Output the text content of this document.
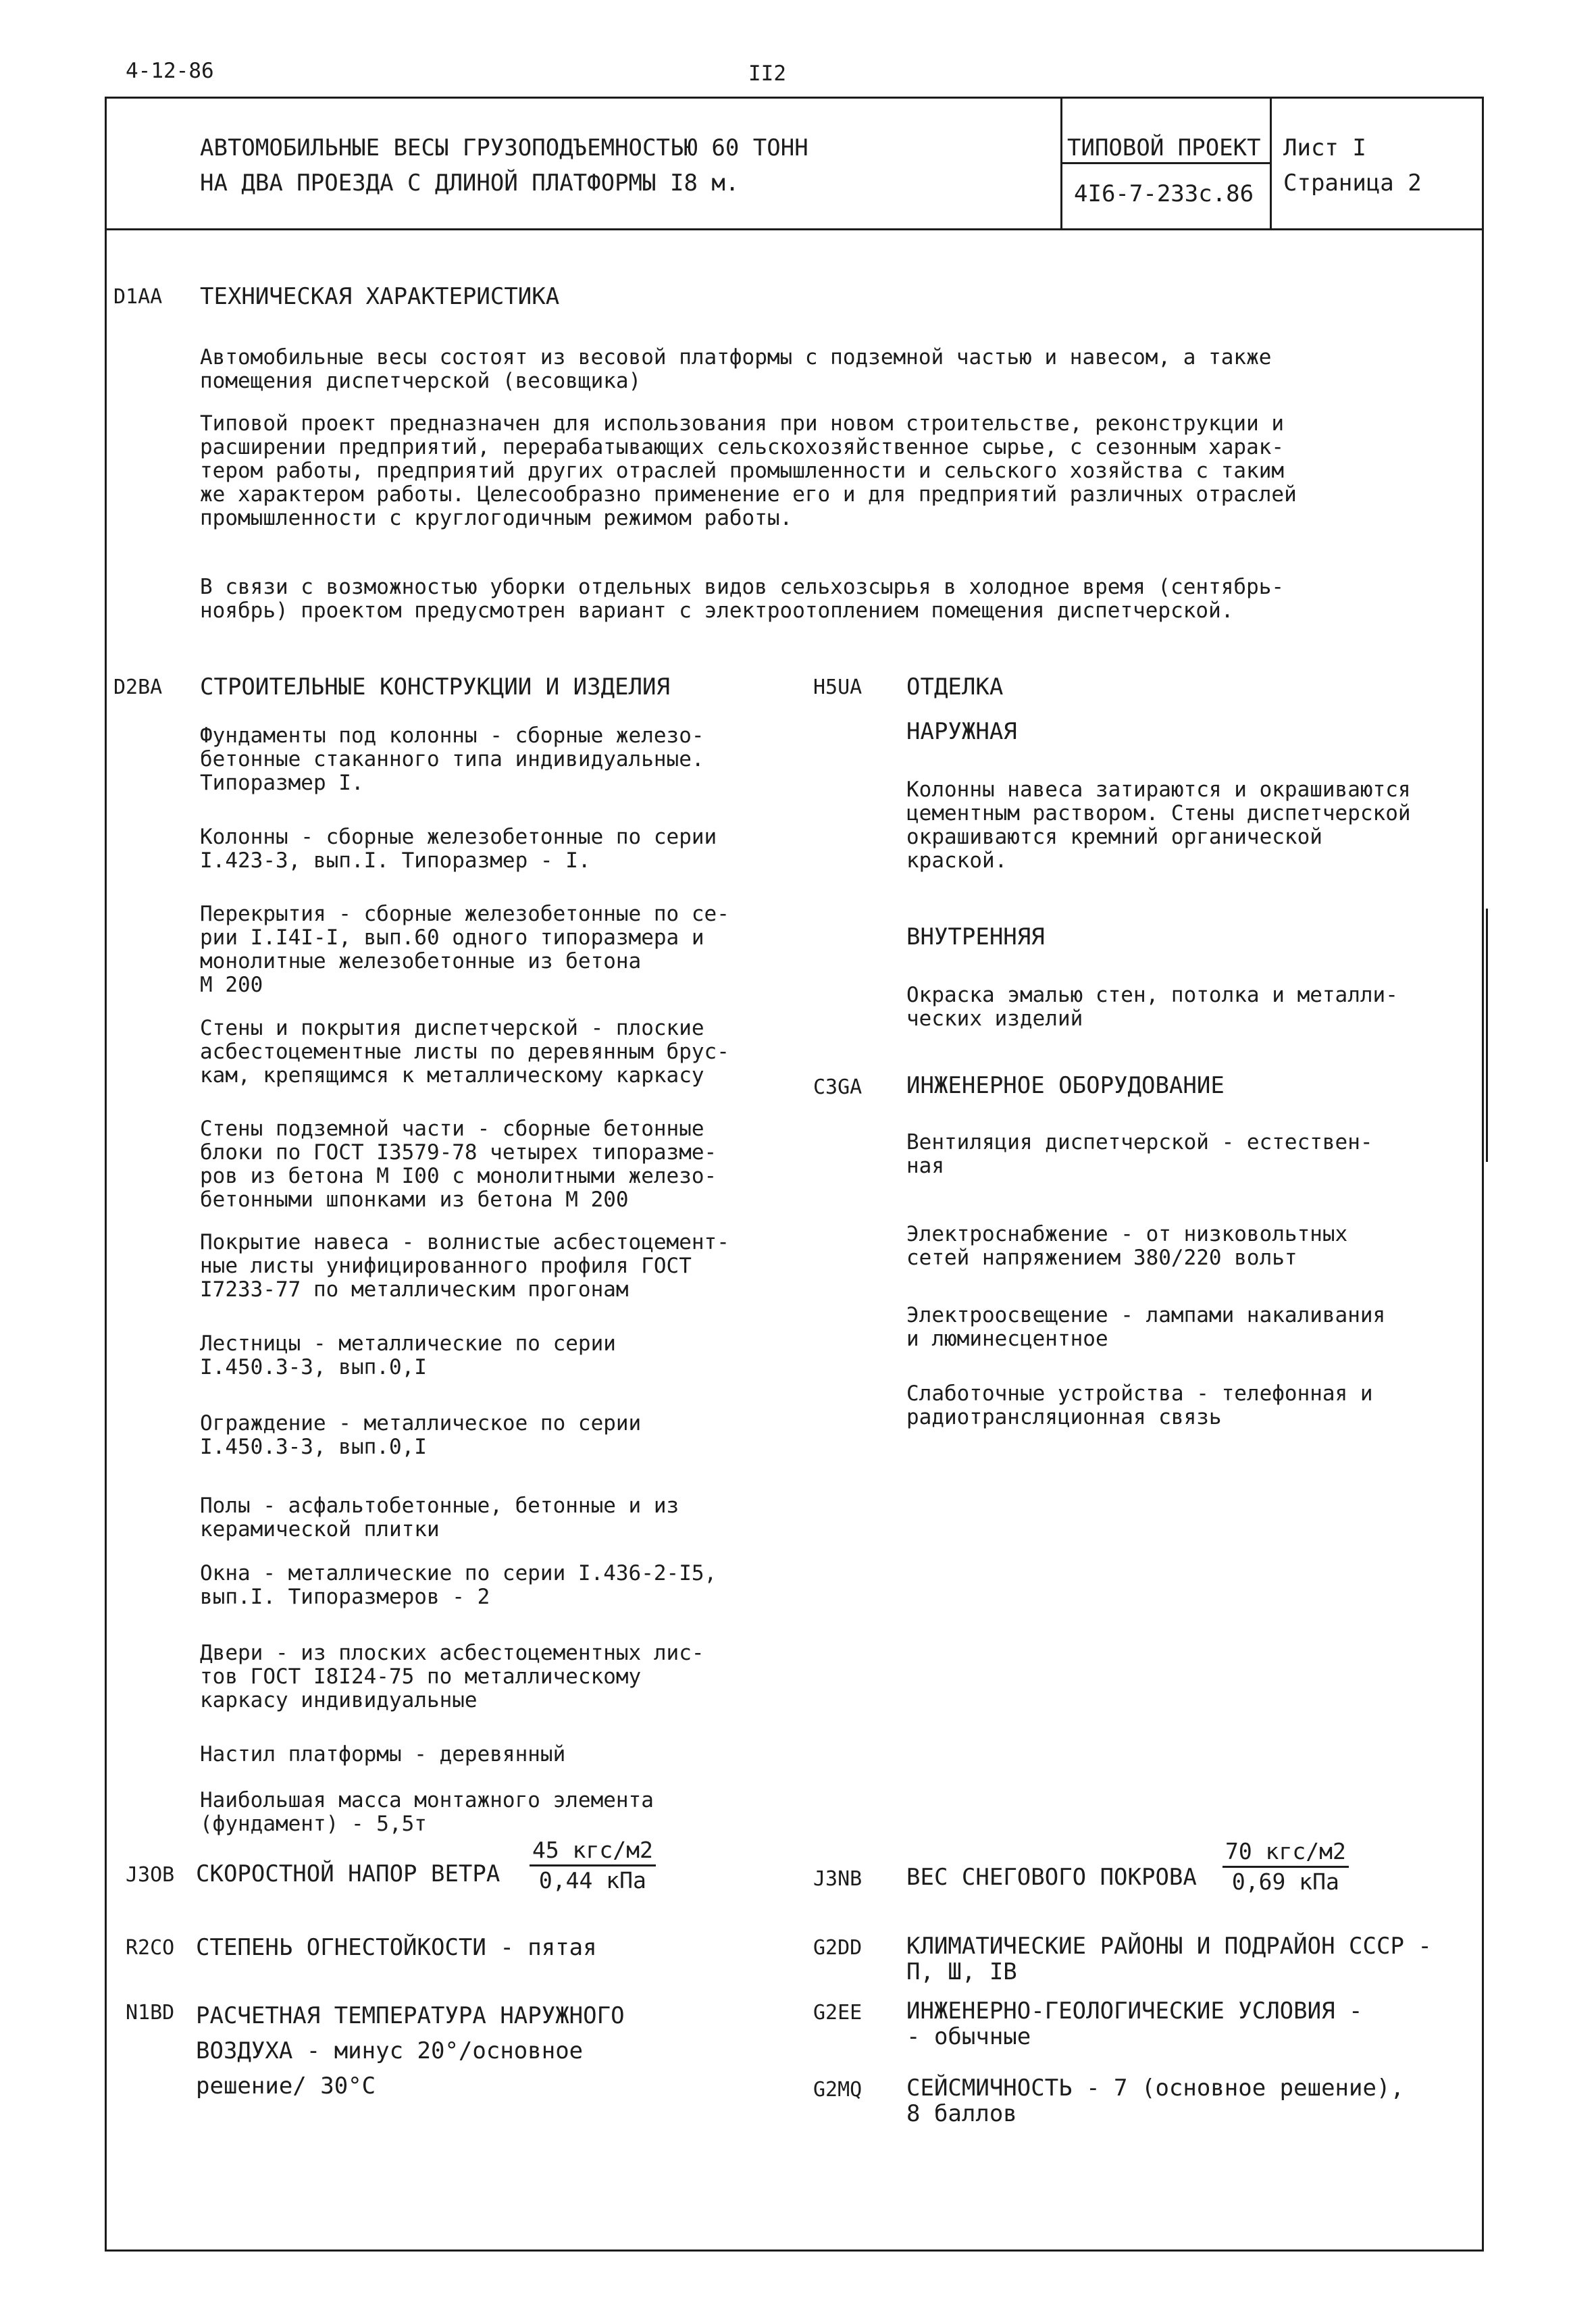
4-12-86	II2
АВТОМОБИЛЬНЫЕ ВЕСЫ ГРУЗОПОДЪЕМНОСТЬЮ 60 ТОНН
НА ДВА ПРОЕЗДА С ДЛИНОЙ ПЛАТФОРМЫ I8 м.
ТИПОВОЙ ПРОЕКТ
4I6-7-233с.86
Лист I
Страница 2
D1AA ТЕХНИЧЕСКАЯ ХАРАКТЕРИСТИКА
Автомобильные весы состоят из весовой платформы с подземной частью и навесом, а также
помещения диспетчерской (весовщика)
Типовой проект предназначен для использования при новом строительстве, реконструкции и
расширении предприятий, перерабатывающих сельскохозяйственное сырье, с сезонным харак-
тером работы, предприятий других отраслей промышленности и сельского хозяйства с таким
же характером работы. Целесообразно применение его и для предприятий различных отраслей
промышленности с круглогодичным режимом работы.
В связи с возможностью уборки отдельных видов сельхозсырья в холодное время (сентябрь-
ноябрь) проектом предусмотрен вариант с электроотоплением помещения диспетчерской.
D2BA СТРОИТЕЛЬНЫЕ КОНСТРУКЦИИ И ИЗДЕЛИЯ
Фундаменты под колонны - сборные железо-
бетонные стаканного типа индивидуальные.
Типоразмер I.
Колонны - сборные железобетонные по серии
I.423-3, вып.I. Типоразмер - I.
Перекрытия - сборные железобетонные по се-
рии I.I4I-I, вып.60 одного типоразмера и
монолитные железобетонные из бетона
М 200
Стены и покрытия диспетчерской - плоские
асбестоцементные листы по деревянным брус-
кам, крепящимся к металлическому каркасу
Стены подземной части - сборные бетонные
блоки по ГОСТ I3579-78 четырех типоразме-
ров из бетона М I00 с монолитными железо-
бетонными шпонками из бетона М 200
Покрытие навеса - волнистые асбестоцемент-
ные листы унифицированного профиля ГОСТ
I7233-77 по металлическим прогонам
Лестницы - металлические по серии
I.450.3-3, вып.0,I
Ограждение - металлическое по серии
I.450.3-3, вып.0,I
Полы - асфальтобетонные, бетонные и из
керамической плитки
Окна - металлические по серии I.436-2-I5,
вып.I. Типоразмеров - 2
Двери - из плоских асбестоцементных лис-
тов ГОСТ I8I24-75 по металлическому
каркасу индивидуальные
Настил платформы - деревянный
Наибольшая масса монтажного элемента
(фундамент) - 5,5т
H5UA ОТДЕЛКА
НАРУЖНАЯ
Колонны навеса затираются и окрашиваются
цементным раствором. Стены диспетчерской
окрашиваются кремний органической
краской.
ВНУТРЕННЯЯ
Окраска эмалью стен, потолка и металли-
ческих изделий
C3GA ИНЖЕНЕРНОЕ ОБОРУДОВАНИЕ
Вентиляция диспетчерской - естествен-
ная
Электроснабжение - от низковольтных
сетей напряжением 380/220 вольт
Электроосвещение - лампами накаливания
и люминесцентное
Слаботочные устройства - телефонная и
радиотрансляционная связь
J3OB СКОРОСТНОЙ НАПОР ВЕТРА
45 кгс/м2
0,44 кПа	J3NB ВЕС СНЕГОВОГО ПОКРОВА
70 кгс/м2
0,69 кПа
R2CO СТЕПЕНЬ ОГНЕСТОЙКОСТИ - пятая	G2DD КЛИМАТИЧЕСКИЕ РАЙОНЫ И ПОДРАЙОН СССР -
П, Ш, IВ
N1BD РАСЧЕТНАЯ ТЕМПЕРАТУРА НАРУЖНОГО
ВОЗДУХА - минус 20°/основное
решение/ 30°С
G2EE ИНЖЕНЕРНО-ГЕОЛОГИЧЕСКИЕ УСЛОВИЯ -
- обычные
G2MQ СЕЙСМИЧНОСТЬ - 7 (основное решение),
8 баллов
